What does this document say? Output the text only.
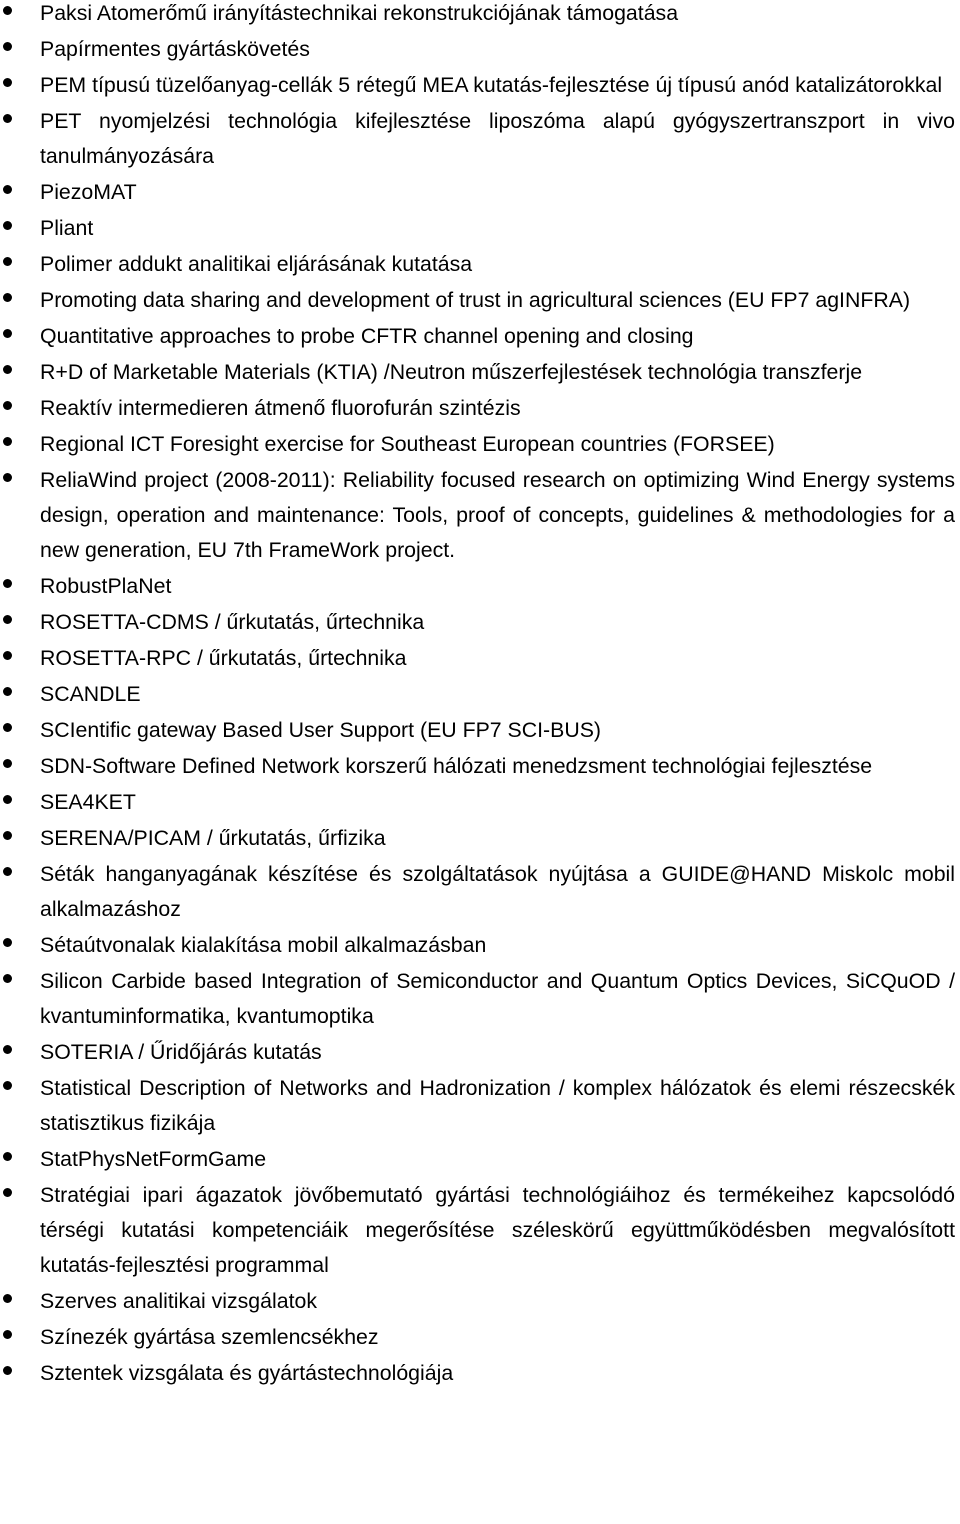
Paksi Atomerőmű irányítástechnikai rekonstrukciójának támogatása
Papírmentes gyártáskövetés
PEM típusú tüzelőanyag-cellák 5 rétegű MEA kutatás-fejlesztése új típusú anód katalizátorokkal
PET nyomjelzési technológia kifejlesztése liposzóma alapú gyógyszertranszport in vivo tanulmányozására
PiezoMAT
Pliant
Polimer addukt analitikai eljárásának kutatása
Promoting data sharing and development of trust in agricultural sciences (EU FP7 agINFRA)
Quantitative approaches to probe CFTR channel opening and closing
R+D of Marketable Materials (KTIA) /Neutron műszerfejlestések technológia transzferje
Reaktív intermedieren átmenő fluorofurán szintézis
Regional ICT Foresight exercise for Southeast European countries (FORSEE)
ReliaWind project (2008-2011): Reliability focused research on optimizing Wind Energy systems design, operation and maintenance: Tools, proof of concepts, guidelines & methodologies for a new generation, EU 7th FrameWork project.
RobustPlaNet
ROSETTA-CDMS / űrkutatás, űrtechnika
ROSETTA-RPC / űrkutatás, űrtechnika
SCANDLE
SCIentific gateway Based User Support (EU FP7 SCI-BUS)
SDN-Software Defined Network korszerű hálózati menedzsment technológiai fejlesztése
SEA4KET
SERENA/PICAM / űrkutatás, űrfizika
Séták hanganyagának készítése és szolgáltatások nyújtása a GUIDE@HAND Miskolc mobil alkalmazáshoz
Sétaútvonalak kialakítása mobil alkalmazásban
Silicon Carbide based Integration of Semiconductor and Quantum Optics Devices, SiCQuOD / kvantuminformatika, kvantumoptika
SOTERIA / Űridőjárás kutatás
Statistical Description of Networks and Hadronization / komplex hálózatok és elemi részecskék statisztikus fizikája
StatPhysNetFormGame
Stratégiai ipari ágazatok jövőbemutató gyártási technológiáihoz és termékeihez kapcsolódó térségi kutatási kompetenciáik megerősítése széleskörű együttműködésben megvalósított kutatás-fejlesztési programmal
Szerves analitikai vizsgálatok
Színezék gyártása szemlencsékhez
Sztentek vizsgálata és gyártástechnológiája
